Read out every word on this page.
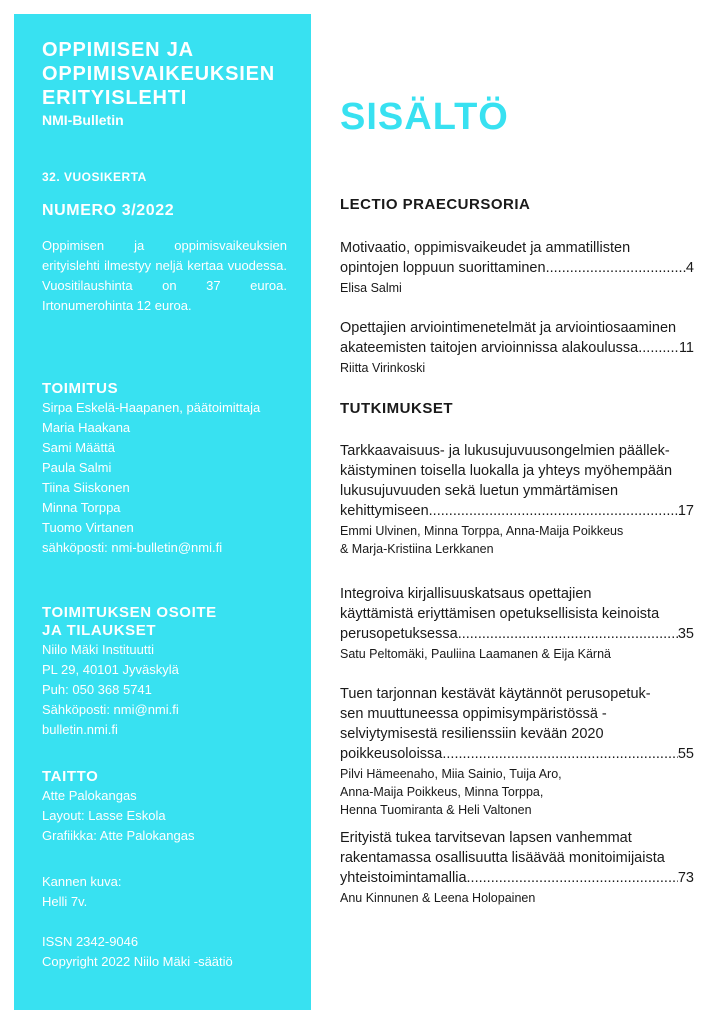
OPPIMISEN JA
OPPIMISVAIKEUKSIEN
ERITYISLEHTI
NMI-Bulletin
32. VUOSIKERTA
NUMERO 3/2022
Oppimisen ja oppimisvaikeuksien erityislehti ilmestyy neljä kertaa vuodessa. Vuositilaushinta on 37 euroa. Irtonumerohinta 12 euroa.
TOIMITUS
Sirpa Eskelä-Haapanen, päätoimittaja
Maria Haakana
Sami Määttä
Paula Salmi
Tiina Siiskonen
Minna Torppa
Tuomo Virtanen
sähköposti: nmi-bulletin@nmi.fi
TOIMITUKSEN OSOITE
JA TILAUKSET
Niilo Mäki Instituutti
PL 29, 40101 Jyväskylä
Puh: 050 368 5741
Sähköposti: nmi@nmi.fi
bulletin.nmi.fi
TAITTO
Atte Palokangas
Layout: Lasse Eskola
Grafiikka: Atte Palokangas
Kannen kuva:
Helli 7v.
ISSN 2342-9046
Copyright 2022 Niilo Mäki -säätiö
SISÄLTÖ
LECTIO PRAECURSORIA
Motivaatio, oppimisvaikeudet ja ammatillisten
opintojen loppuun suorittaminen .....	4
Elisa Salmi
Opettajien arviointimenetelmät ja arviointiosaaminen
akateemisten taitojen arvioinnissa alakoulussa .....	11
Riitta Virinkoski
TUTKIMUKSET
Tarkkaavaisuus- ja lukusujuvuusongelmien päällek-
käistyminen toisella luokalla ja yhteys myöhempään
lukusujuvuuden sekä luetun ymmärtämisen
kehittymiseen .....	17
Emmi Ulvinen, Minna Torppa, Anna-Maija Poikkeus
& Marja-Kristiina Lerkkanen
Integroiva kirjallisuuskatsaus opettajien
käyttämistä eriyttämisen opetuksellisista keinoista
perusopetuksessa .....	35
Satu Peltomäki, Pauliina Laamanen & Eija Kärnä
Tuen tarjonnan kestävät käytännöt perusopetuk-
sen muuttuneessa oppimisympäristössä -
selviytymisestä resilienssiin kevään 2020
poikkeusoloissa .....	55
Pilvi Hämeenaho, Miia Sainio, Tuija Aro,
Anna-Maija Poikkeus, Minna Torppa,
Henna Tuomiranta & Heli Valtonen
Erityistä tukea tarvitsevan lapsen vanhemmat
rakentamassa osallisuutta lisäävää monitoimijaista
yhteistoimintamallia .....	73
Anu Kinnunen & Leena Holopainen
